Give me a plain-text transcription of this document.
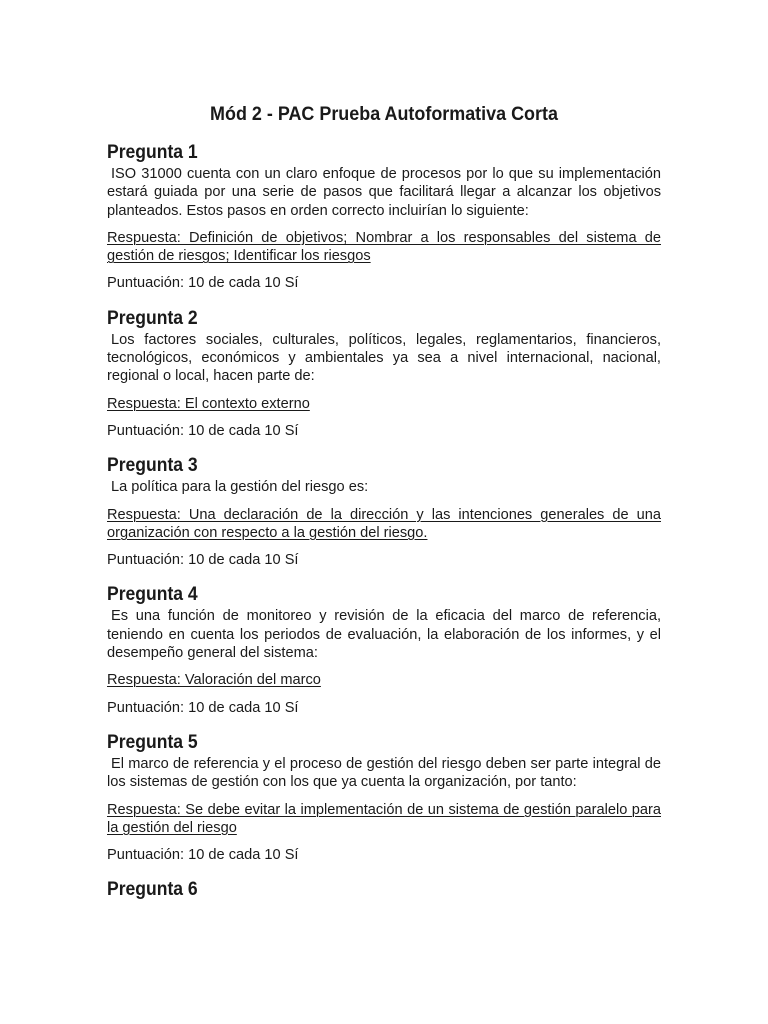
Mód 2 - PAC Prueba Autoformativa Corta
Pregunta 1

ISO 31000 cuenta con un claro enfoque de procesos por lo que su implementación estará guiada por una serie de pasos que facilitará llegar a alcanzar los objetivos planteados. Estos pasos en orden correcto incluirían lo siguiente:

Respuesta: Definición de objetivos; Nombrar a los responsables del sistema de gestión de riesgos; Identificar los riesgos

Puntuación: 10 de cada 10 Sí

Pregunta 2

Los factores sociales, culturales, políticos, legales, reglamentarios, financieros, tecnológicos, económicos y ambientales ya sea a nivel internacional, nacional, regional o local, hacen parte de:

Respuesta: El contexto externo

Puntuación: 10 de cada 10 Sí

Pregunta 3

La política para la gestión del riesgo es:

Respuesta: Una declaración de la dirección y las intenciones generales de una organización con respecto a la gestión del riesgo.

Puntuación: 10 de cada 10 Sí

Pregunta 4

Es una función de monitoreo y revisión de la eficacia del marco de referencia, teniendo en cuenta los periodos de evaluación, la elaboración de los informes, y el desempeño general del sistema:

Respuesta: Valoración del marco

Puntuación: 10 de cada 10 Sí

Pregunta 5

El marco de referencia y el proceso de gestión del riesgo deben ser parte integral de los sistemas de gestión con los que ya cuenta la organización, por tanto:

Respuesta: Se debe evitar la implementación de un sistema de gestión paralelo para la gestión del riesgo

Puntuación: 10 de cada 10 Sí

Pregunta 6
